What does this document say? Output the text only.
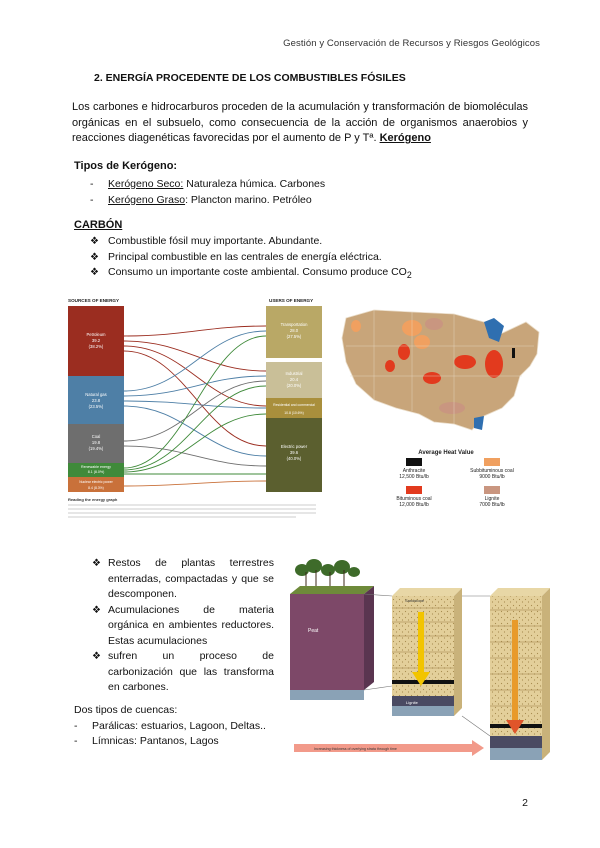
Gestión y Conservación de Recursos y Riesgos Geológicos
2. ENERGÍA PROCEDENTE DE LOS COMBUSTIBLES FÓSILES
Los carbones e hidrocarburos proceden de la acumulación y transformación de biomoléculas orgánicas en el subsuelo, como consecuencia de la acción de organismos anaerobios y reacciones diagenéticas favorecidas por el aumento de P y Tª. Kerógeno
Tipos de Kerógeno:
- Kerógeno Seco: Naturaleza húmica. Carbones
- Kerógeno Graso: Plancton marino. Petróleo
CARBÓN
❖ Combustible fósil muy importante. Abundante.
❖ Principal combustible en las centrales de energía eléctrica.
❖ Consumo un importante coste ambiental. Consumo produce $CO_2$
SOURCES OF ENERGY	USERS OF ENERGY
Petroleum
39.2
(38.2%)
Natural gas
23.8
(23.5%)
Coal
19.8
(19.4%)
Renewable energy
8.1 (8.0%)
Nuclear electric power
8.4 (8.3%)
Transportation
28.0
(27.5%)
Industrial
20.4
(20.0%)
Residential and commercial
10.8 (10.6%)
Electric power
39.6
(40.0%)
Reading the energy graph
Average Heat Value
Anthracite
12,500 Btu/lb
Subbituminous coal
9000 Btu/lb
Bituminous coal
12,000 Btu/lb
Lignite
7000 Btu/lb
❖ Restos de plantas terrestres enterradas, compactadas y que se descomponen.
❖ Acumulaciones de materia orgánica en ambientes reductores. Estas acumulaciones
❖ sufren un proceso de carbonización que las transforma en carbones.
Dos tipos de cuencas:
-	Parálicas: estuarios, Lagoon, Deltas..
-	Límnicas: Pantanos, Lagos
Peat
Sandstone
Lignite
Increasing thickness of overlying strata through time
2
